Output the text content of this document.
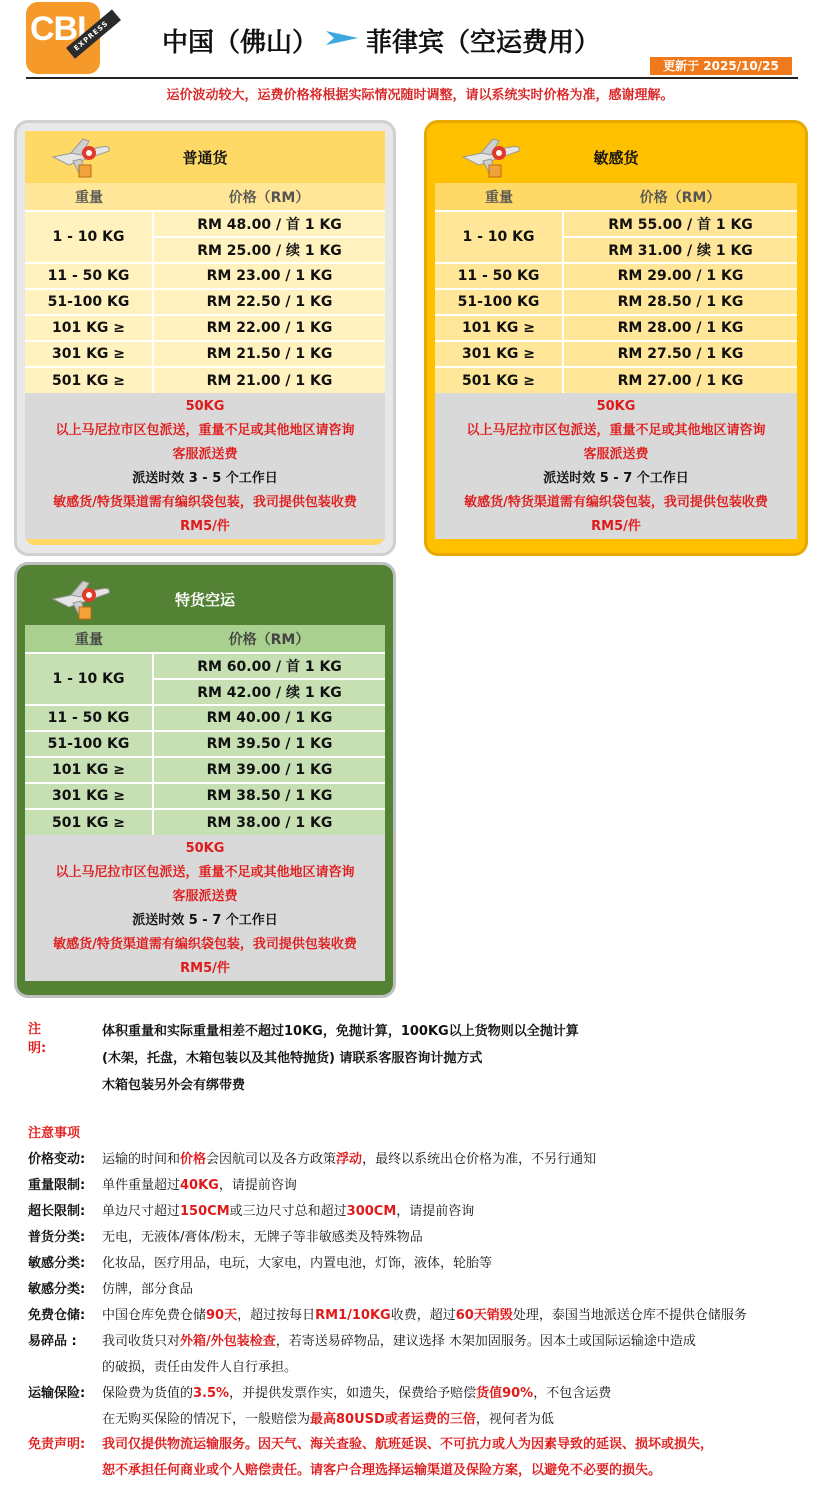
CBI
EXPRESS	中国（佛山） 菲律宾（空运费用）
更新于 2025/10/25
运价波动较大，运费价格将根据实际情况随时调整，请以系统实时价格为准，感谢理解。
普通货
重量	价格（RM）
1 - 10 KG	RM 48.00 / 首 1 KG
	RM 25.00 / 续 1 KG
11 - 50 KG	RM 23.00 / 1 KG
51-100 KG	RM 22.50 / 1 KG
101 KG ≥	RM 22.00 / 1 KG
301 KG ≥	RM 21.50 / 1 KG
501 KG ≥	RM 21.00 / 1 KG
50KG
以上马尼拉市区包派送，重量不足或其他地区请咨询
客服派送费
派送时效 3 - 5 个工作日
敏感货/特货渠道需有编织袋包装，我司提供包装收费
RM5/件
敏感货
重量	价格（RM）
1 - 10 KG	RM 55.00 / 首 1 KG
	RM 31.00 / 续 1 KG
11 - 50 KG	RM 29.00 / 1 KG
51-100 KG	RM 28.50 / 1 KG
101 KG ≥	RM 28.00 / 1 KG
301 KG ≥	RM 27.50 / 1 KG
501 KG ≥	RM 27.00 / 1 KG
50KG
以上马尼拉市区包派送，重量不足或其他地区请咨询
客服派送费
派送时效 5 - 7 个工作日
敏感货/特货渠道需有编织袋包装，我司提供包装收费
RM5/件
特货空运
重量	价格（RM）
1 - 10 KG	RM 60.00 / 首 1 KG
	RM 42.00 / 续 1 KG
11 - 50 KG	RM 40.00 / 1 KG
51-100 KG	RM 39.50 / 1 KG
101 KG ≥	RM 39.00 / 1 KG
301 KG ≥	RM 38.50 / 1 KG
501 KG ≥	RM 38.00 / 1 KG
50KG
以上马尼拉市区包派送，重量不足或其他地区请咨询
客服派送费
派送时效 5 - 7 个工作日
敏感货/特货渠道需有编织袋包装，我司提供包装收费
RM5/件
注明:
体积重量和实际重量相差不超过10KG，免抛计算，100KG以上货物则以全抛计算
(木架，托盘，木箱包装以及其他特抛货) 请联系客服咨询计抛方式
木箱包装另外会有绑带费
注意事项
价格变动:	运输的时间和价格会因航司以及各方政策浮动，最终以系统出仓价格为准，不另行通知
重量限制:	单件重量超过40KG，请提前咨询
超长限制:	单边尺寸超过150CM或三边尺寸总和超过300CM，请提前咨询
普货分类:	无电，无液体/膏体/粉末，无牌子等非敏感类及特殊物品
敏感分类:	化妆品，医疗用品，电玩，大家电，内置电池，灯饰，液体，轮胎等
敏感分类:	仿牌，部分食品
免费仓储:	中国仓库免费仓储90天，超过按每日RM1/10KG收费，超过60天销毁处理，泰国当地派送仓库不提供仓储服务
易碎品 :	我司收货只对外箱/外包装检查，若寄送易碎物品，建议选择 木架加固服务。因本土或国际运输途中造成
的破损，责任由发件人自行承担。
运输保险:	保险费为货值的3.5%，并提供发票作实，如遗失，保费给予赔偿货值90%，不包含运费
在无购买保险的情况下，一般赔偿为最高80USD或者运费的三倍，视何者为低
免责声明:	我司仅提供物流运输服务。因天气、海关查验、航班延误、不可抗力或人为因素导致的延误、损坏或损失，
恕不承担任何商业或个人赔偿责任。请客户合理选择运输渠道及保险方案，以避免不必要的损失。
